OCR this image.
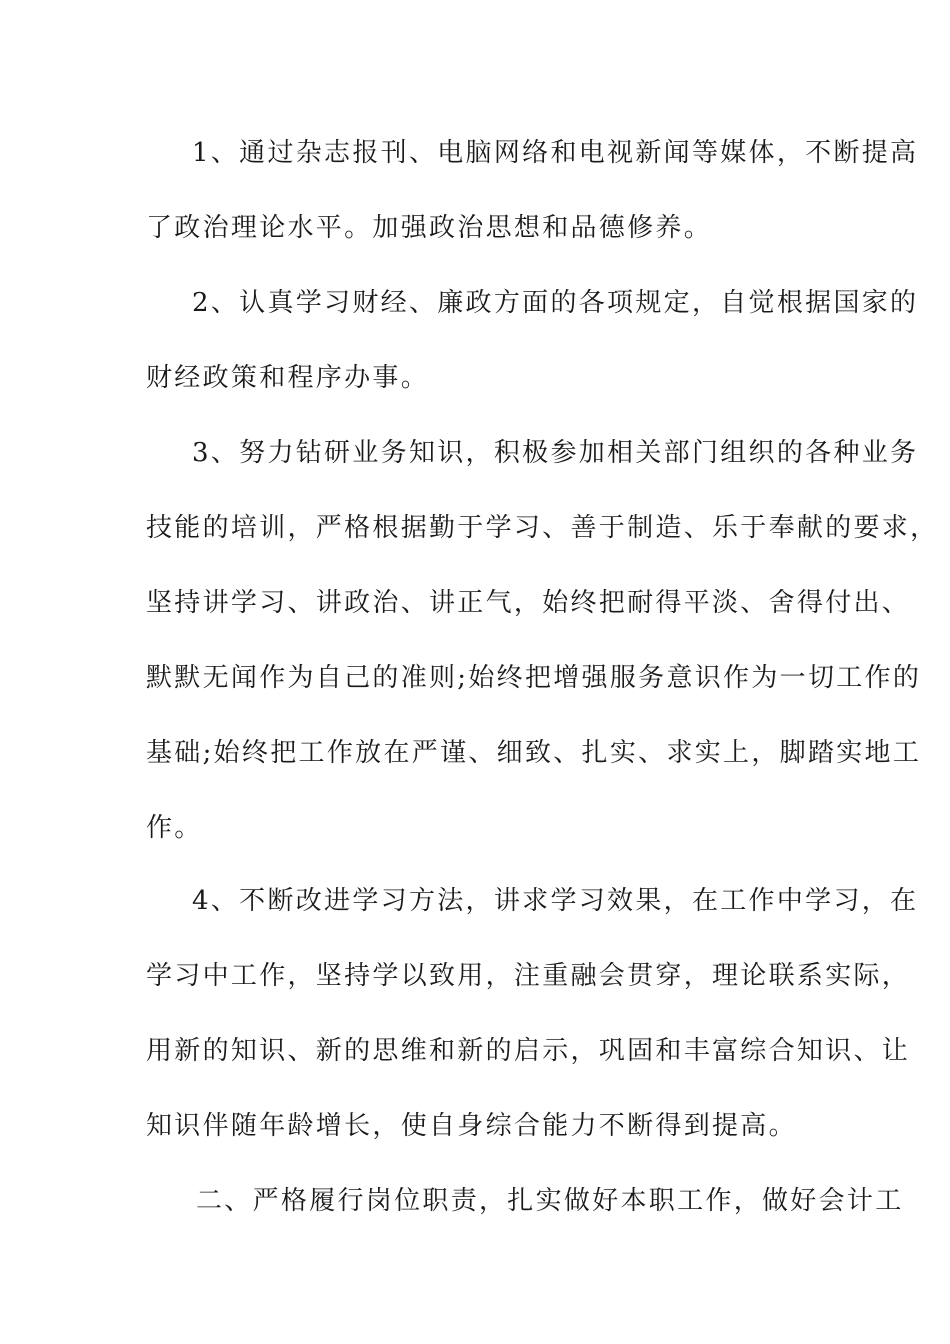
1、通过杂志报刊、电脑网络和电视新闻等媒体，不断提高
了政治理论水平。加强政治思想和品德修养。
2、认真学习财经、廉政方面的各项规定，自觉根据国家的
财经政策和程序办事。
3、努力钻研业务知识，积极参加相关部门组织的各种业务
技能的培训，严格根据勤于学习、善于制造、乐于奉献的要求，
坚持讲学习、讲政治、讲正气，始终把耐得平淡、舍得付出、
默默无闻作为自己的准则;始终把增强服务意识作为一切工作的
基础;始终把工作放在严谨、细致、扎实、求实上，脚踏实地工
作。
4、不断改进学习方法，讲求学习效果，在工作中学习，在
学习中工作，坚持学以致用，注重融会贯穿，理论联系实际，
用新的知识、新的思维和新的启示，巩固和丰富综合知识、让
知识伴随年龄增长，使自身综合能力不断得到提高。
二、严格履行岗位职责，扎实做好本职工作，做好会计工
